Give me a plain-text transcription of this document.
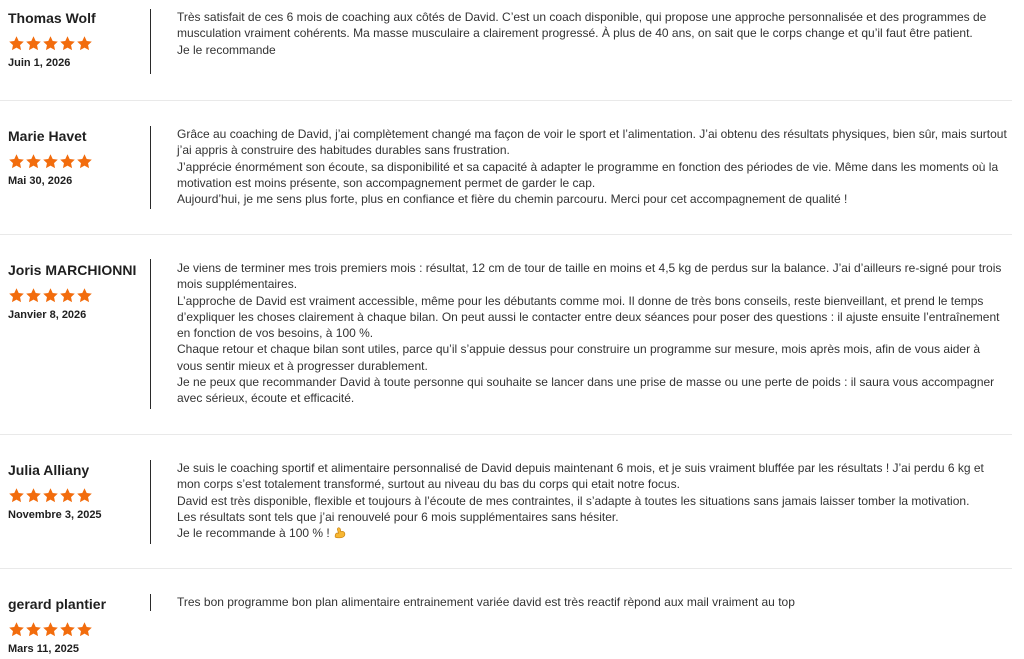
Thomas Wolf
Juin 1, 2026

Très satisfait de ces 6 mois de coaching aux côtés de David. C’est un coach disponible, qui propose une approche personnalisée et des programmes de musculation vraiment cohérents. Ma masse musculaire a clairement progressé. À plus de 40 ans, on sait que le corps change et qu’il faut être patient.

Je le recommande

Marie Havet
Mai 30, 2026

Grâce au coaching de David, j’ai complètement changé ma façon de voir le sport et l’alimentation. J’ai obtenu des résultats physiques, bien sûr, mais surtout j’ai appris à construire des habitudes durables sans frustration.

J’apprécie énormément son écoute, sa disponibilité et sa capacité à adapter le programme en fonction des périodes de vie. Même dans les moments où la motivation est moins présente, son accompagnement permet de garder le cap.

Aujourd’hui, je me sens plus forte, plus en confiance et fière du chemin parcouru. Merci pour cet accompagnement de qualité !

Joris MARCHIONNI
Janvier 8, 2026

Je viens de terminer mes trois premiers mois : résultat, 12 cm de tour de taille en moins et 4,5 kg de perdus sur la balance. J’ai d’ailleurs re-signé pour trois mois supplémentaires.

L’approche de David est vraiment accessible, même pour les débutants comme moi. Il donne de très bons conseils, reste bienveillant, et prend le temps d’expliquer les choses clairement à chaque bilan. On peut aussi le contacter entre deux séances pour poser des questions : il ajuste ensuite l’entraînement en fonction de vos besoins, à 100 %.

Chaque retour et chaque bilan sont utiles, parce qu’il s’appuie dessus pour construire un programme sur mesure, mois après mois, afin de vous aider à vous sentir mieux et à progresser durablement.

Je ne peux que recommander David à toute personne qui souhaite se lancer dans une prise de masse ou une perte de poids : il saura vous accompagner avec sérieux, écoute et efficacité.

Julia Alliany
Novembre 3, 2025

Je suis le coaching sportif et alimentaire personnalisé de David depuis maintenant 6 mois, et je suis vraiment bluffée par les résultats ! J’ai perdu 6 kg et mon corps s’est totalement transformé, surtout au niveau du bas du corps qui etait notre focus.

David est très disponible, flexible et toujours à l’écoute de mes contraintes, il s’adapte à toutes les situations sans jamais laisser tomber la motivation.

Les résultats sont tels que j’ai renouvelé pour 6 mois supplémentaires sans hésiter.

Je le recommande à 100 % !

gerard plantier
Mars 11, 2025

Tres bon programme bon plan alimentaire entrainement variée david est très reactif rèpond aux mail vraiment au top
